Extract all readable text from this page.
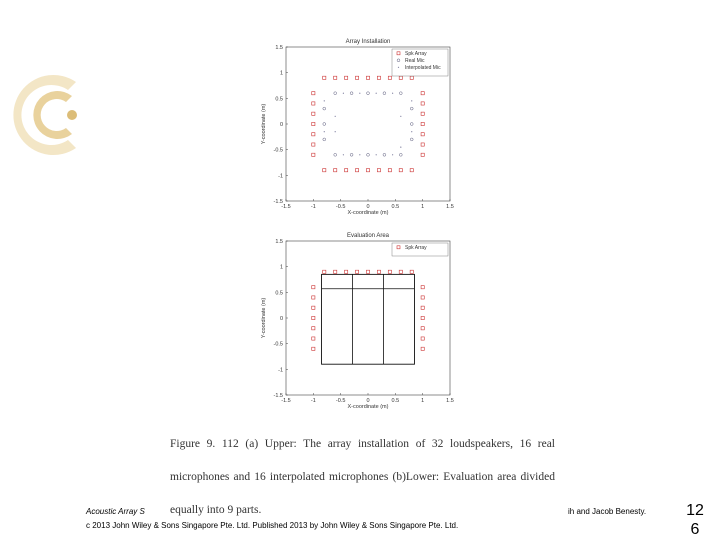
Array Installation
-1.5	-1	-0.5	0	0.5	1	1.5
1.5
1
0.5
0
-0.5
-1
-1.5
X-coordinate (m)
Y-coordinate (m)
Spk Array
Real Mic
Interpolated Mic
Evaluation Area
-1.5	-1	-0.5	0	0.5	1	1.5
1.5
1
0.5
0
-0.5
-1
-1.5
X-coordinate (m)
Y-coordinate (m)
Spk Array
Figure 9. 112 (a) Upper: The array installation of 32 loudspeakers, 16 real microphones and 16 interpolated microphones (b)Lower: Evaluation area divided equally into 9 parts.
Acoustic Array S
c 2013 John Wiley & Sons Singapore Pte. Ltd. Published 2013 by John Wiley & Sons Singapore Pte. Ltd.
ih and Jacob Benesty. 12
6
